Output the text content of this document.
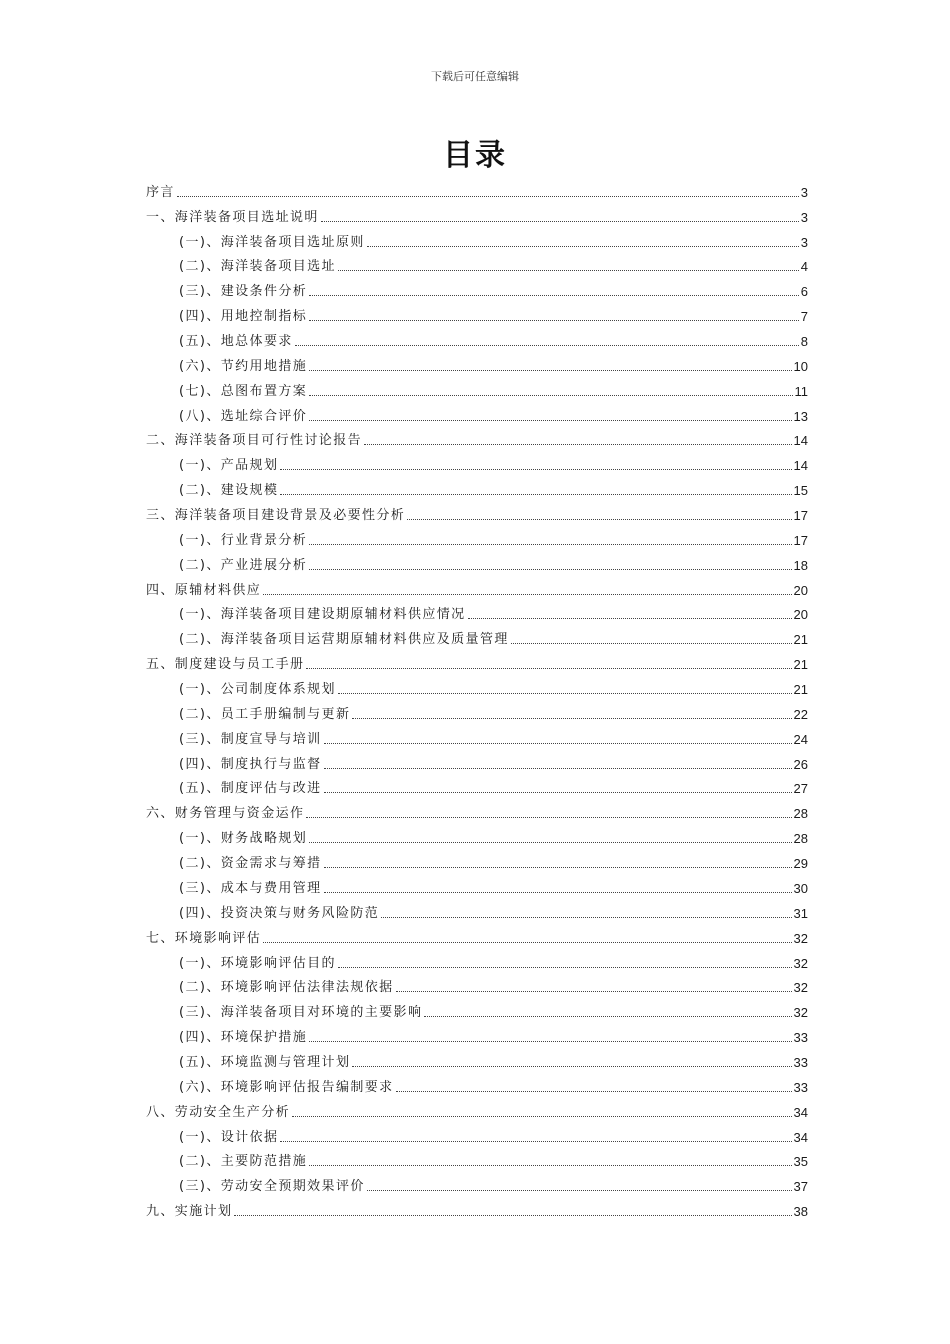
下载后可任意编辑
目录
序言	3
一、海洋装备项目选址说明	3
(一)、海洋装备项目选址原则	3
(二)、海洋装备项目选址	4
(三)、建设条件分析	6
(四)、用地控制指标	7
(五)、地总体要求	8
(六)、节约用地措施	10
(七)、总图布置方案	11
(八)、选址综合评价	13
二、海洋装备项目可行性讨论报告	14
(一)、产品规划	14
(二)、建设规模	15
三、海洋装备项目建设背景及必要性分析	17
(一)、行业背景分析	17
(二)、产业进展分析	18
四、原辅材料供应	20
(一)、海洋装备项目建设期原辅材料供应情况	20
(二)、海洋装备项目运营期原辅材料供应及质量管理	21
五、制度建设与员工手册	21
(一)、公司制度体系规划	21
(二)、员工手册编制与更新	22
(三)、制度宣导与培训	24
(四)、制度执行与监督	26
(五)、制度评估与改进	27
六、财务管理与资金运作	28
(一)、财务战略规划	28
(二)、资金需求与筹措	29
(三)、成本与费用管理	30
(四)、投资决策与财务风险防范	31
七、环境影响评估	32
(一)、环境影响评估目的	32
(二)、环境影响评估法律法规依据	32
(三)、海洋装备项目对环境的主要影响	32
(四)、环境保护措施	33
(五)、环境监测与管理计划	33
(六)、环境影响评估报告编制要求	33
八、劳动安全生产分析	34
(一)、设计依据	34
(二)、主要防范措施	35
(三)、劳动安全预期效果评价	37
九、实施计划	38
